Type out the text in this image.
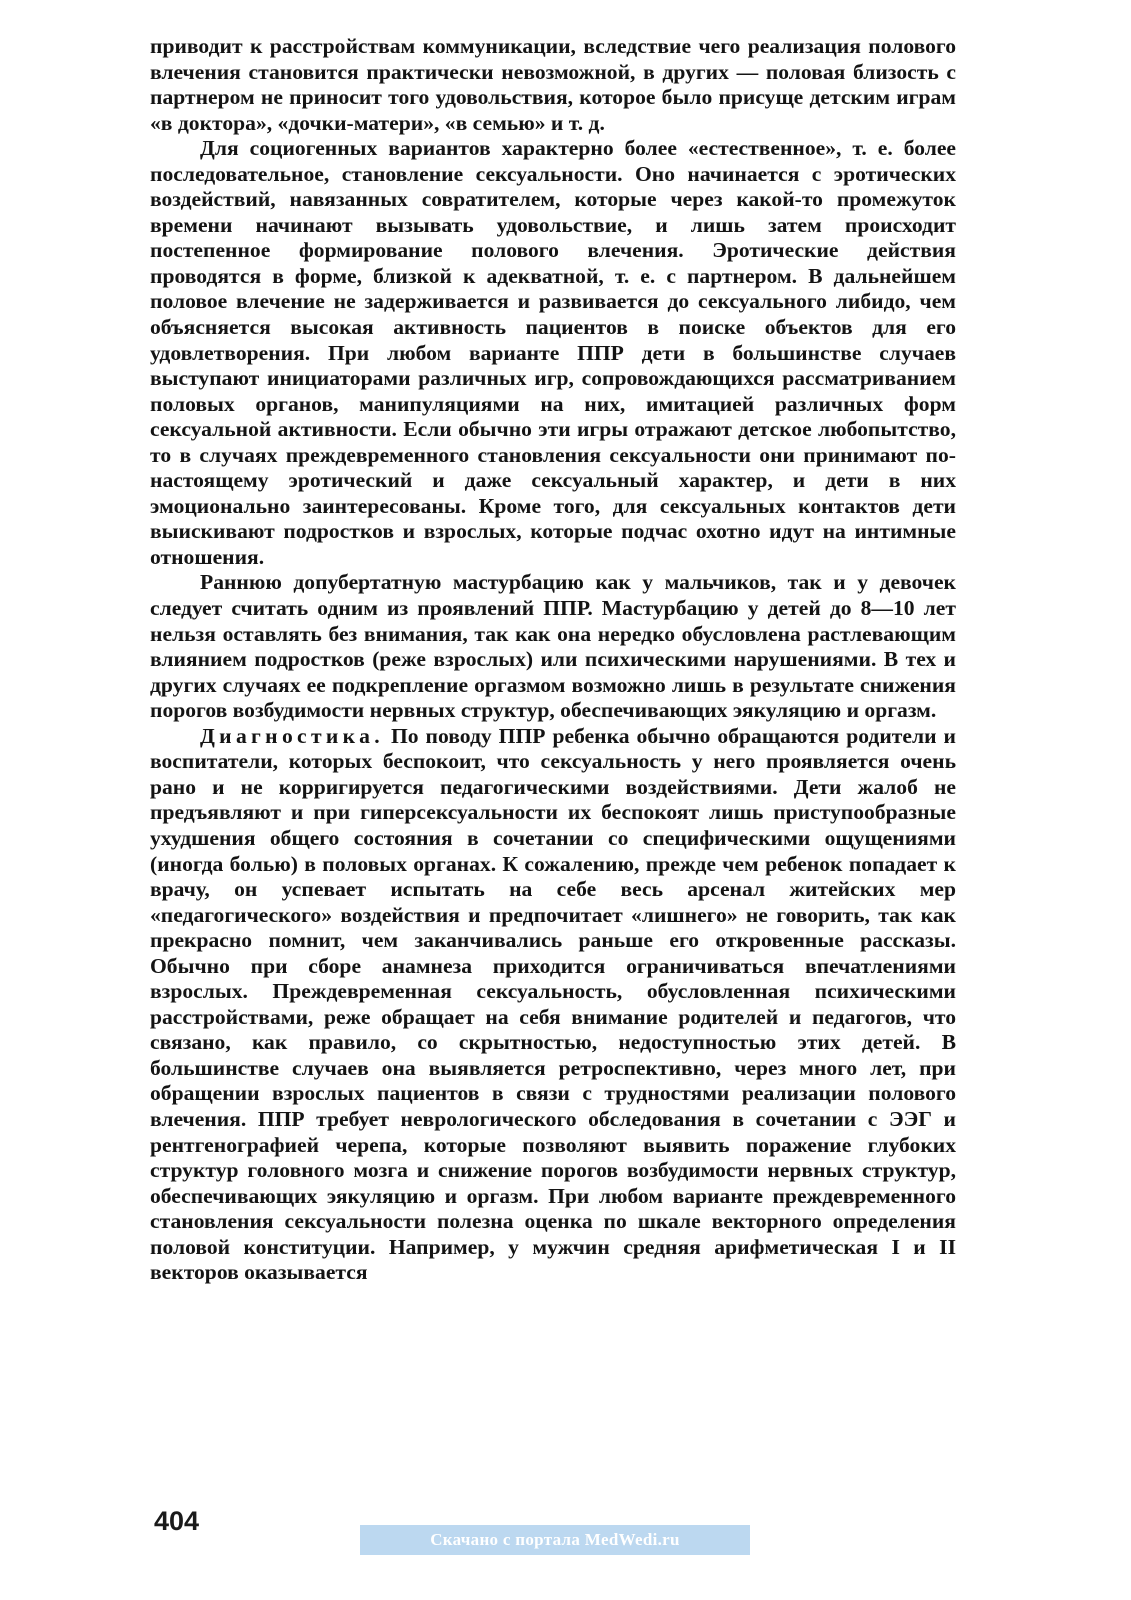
приводит к расстройствам коммуникации, вследствие чего реализация полового влечения становится практически невозможной, в других — половая близость с партнером не приносит того удовольствия, которое было присуще детским играм «в доктора», «дочки-матери», «в семью» и т. д.

Для социогенных вариантов характерно более «естественное», т. е. более последовательное, становление сексуальности. Оно начинается с эротических воздействий, навязанных совратителем, которые через какой-то промежуток времени начинают вызывать удовольствие, и лишь затем происходит постепенное формирование полового влечения. Эротические действия проводятся в форме, близкой к адекватной, т. е. с партнером. В дальнейшем половое влечение не задерживается и развивается до сексуального либидо, чем объясняется высокая активность пациентов в поиске объектов для его удовлетворения. При любом варианте ППР дети в большинстве случаев выступают инициаторами различных игр, сопровождающихся рассматриванием половых органов, манипуляциями на них, имитацией различных форм сексуальной активности. Если обычно эти игры отражают детское любопытство, то в случаях преждевременного становления сексуальности они принимают по-настоящему эротический и даже сексуальный характер, и дети в них эмоционально заинтересованы. Кроме того, для сексуальных контактов дети выискивают подростков и взрослых, которые подчас охотно идут на интимные отношения.

Раннюю допубертатную мастурбацию как у мальчиков, так и у девочек следует считать одним из проявлений ППР. Мастурбацию у детей до 8—10 лет нельзя оставлять без внимания, так как она нередко обусловлена растлевающим влиянием подростков (реже взрослых) или психическими нарушениями. В тех и других случаях ее подкрепление оргазмом возможно лишь в результате снижения порогов возбудимости нервных структур, обеспечивающих эякуляцию и оргазм.

Диагностика. По поводу ППР ребенка обычно обращаются родители и воспитатели, которых беспокоит, что сексуальность у него проявляется очень рано и не корригируется педагогическими воздействиями. Дети жалоб не предъявляют и при гиперсексуальности их беспокоят лишь приступообразные ухудшения общего состояния в сочетании со специфическими ощущениями (иногда болью) в половых органах. К сожалению, прежде чем ребенок попадает к врачу, он успевает испытать на себе весь арсенал житейских мер «педагогического» воздействия и предпочитает «лишнего» не говорить, так как прекрасно помнит, чем заканчивались раньше его откровенные рассказы. Обычно при сборе анамнеза приходится ограничиваться впечатлениями взрослых. Преждевременная сексуальность, обусловленная психическими расстройствами, реже обращает на себя внимание родителей и педагогов, что связано, как правило, со скрытностью, недоступностью этих детей. В большинстве случаев она выявляется ретроспективно, через много лет, при обращении взрослых пациентов в связи с трудностями реализации полового влечения. ППР требует неврологического обследования в сочетании с ЭЭГ и рентгенографией черепа, которые позволяют выявить поражение глубоких структур головного мозга и снижение порогов возбудимости нервных структур, обеспечивающих эякуляцию и оргазм. При любом варианте преждевременного становления сексуальности полезна оценка по шкале векторного определения половой конституции. Например, у мужчин средняя арифметическая I и II векторов оказывается

404
Скачано с портала MedWedi.ru
